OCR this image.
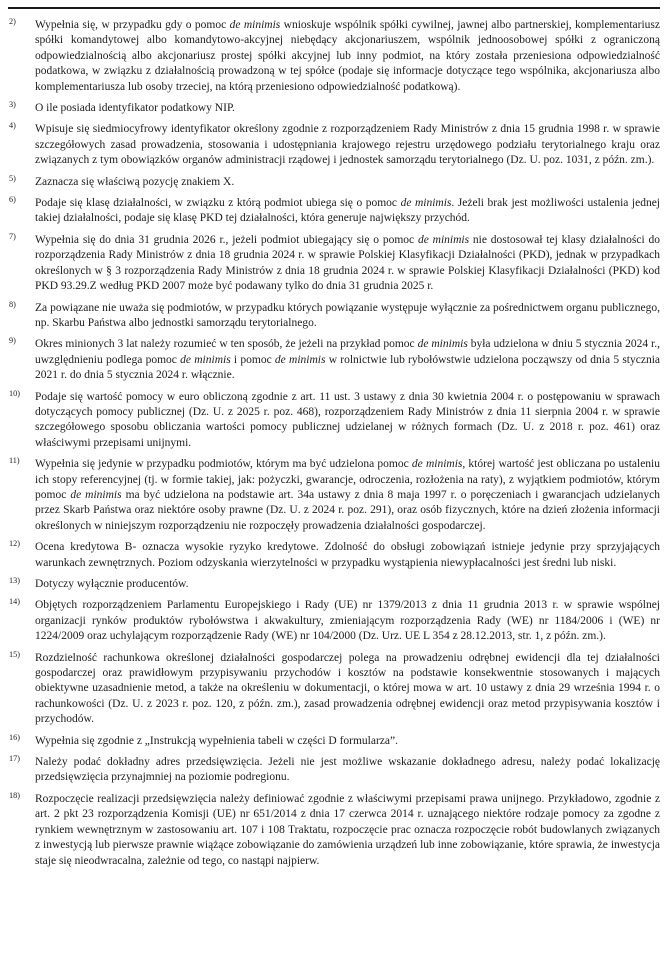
2) Wypełnia się, w przypadku gdy o pomoc de minimis wnioskuje wspólnik spółki cywilnej, jawnej albo partnerskiej, komplementariusz spółki komandytowej albo komandytowo-akcyjnej niebędący akcjonariuszem, wspólnik jednoosobowej spółki z ograniczoną odpowiedzialnością albo akcjonariusz prostej spółki akcyjnej lub inny podmiot, na który została przeniesiona odpowiedzialność podatkowa, w związku z działalnością prowadzoną w tej spółce (podaje się informacje dotyczące tego wspólnika, akcjonariusza albo komplementariusza lub osoby trzeciej, na którą przeniesiono odpowiedzialność podatkową).
3) O ile posiada identyfikator podatkowy NIP.
4) Wpisuje się siedmiocyfrowy identyfikator określony zgodnie z rozporządzeniem Rady Ministrów z dnia 15 grudnia 1998 r. w sprawie szczegółowych zasad prowadzenia, stosowania i udostępniania krajowego rejestru urzędowego podziału terytorialnego kraju oraz związanych z tym obowiązków organów administracji rządowej i jednostek samorządu terytorialnego (Dz. U. poz. 1031, z późn. zm.).
5) Zaznacza się właściwą pozycję znakiem X.
6) Podaje się klasę działalności, w związku z którą podmiot ubiega się o pomoc de minimis. Jeżeli brak jest możliwości ustalenia jednej takiej działalności, podaje się klasę PKD tej działalności, która generuje największy przychód.
7) Wypełnia się do dnia 31 grudnia 2026 r., jeżeli podmiot ubiegający się o pomoc de minimis nie dostosował tej klasy działalności do rozporządzenia Rady Ministrów z dnia 18 grudnia 2024 r. w sprawie Polskiej Klasyfikacji Działalności (PKD), jednak w przypadkach określonych w § 3 rozporządzenia Rady Ministrów z dnia 18 grudnia 2024 r. w sprawie Polskiej Klasyfikacji Działalności (PKD) kod PKD 93.29.Z według PKD 2007 może być podawany tylko do dnia 31 grudnia 2025 r.
8) Za powiązane nie uważa się podmiotów, w przypadku których powiązanie występuje wyłącznie za pośrednictwem organu publicznego, np. Skarbu Państwa albo jednostki samorządu terytorialnego.
9) Okres minionych 3 lat należy rozumieć w ten sposób, że jeżeli na przykład pomoc de minimis była udzielona w dniu 5 stycznia 2024 r., uwzględnieniu podlega pomoc de minimis i pomoc de minimis w rolnictwie lub rybołówstwie udzielona począwszy od dnia 5 stycznia 2021 r. do dnia 5 stycznia 2024 r. włącznie.
10) Podaje się wartość pomocy w euro obliczoną zgodnie z art. 11 ust. 3 ustawy z dnia 30 kwietnia 2004 r. o postępowaniu w sprawach dotyczących pomocy publicznej (Dz. U. z 2025 r. poz. 468), rozporządzeniem Rady Ministrów z dnia 11 sierpnia 2004 r. w sprawie szczegółowego sposobu obliczania wartości pomocy publicznej udzielanej w różnych formach (Dz. U. z 2018 r. poz. 461) oraz właściwymi przepisami unijnymi.
11) Wypełnia się jedynie w przypadku podmiotów, którym ma być udzielona pomoc de minimis, której wartość jest obliczana po ustaleniu ich stopy referencyjnej (tj. w formie takiej, jak: pożyczki, gwarancje, odroczenia, rozłożenia na raty), z wyjątkiem podmiotów, którym pomoc de minimis ma być udzielona na podstawie art. 34a ustawy z dnia 8 maja 1997 r. o poręczeniach i gwarancjach udzielanych przez Skarb Państwa oraz niektóre osoby prawne (Dz. U. z 2024 r. poz. 291), oraz osób fizycznych, które na dzień złożenia informacji określonych w niniejszym rozporządzeniu nie rozpoczęły prowadzenia działalności gospodarczej.
12) Ocena kredytowa B- oznacza wysokie ryzyko kredytowe. Zdolność do obsługi zobowiązań istnieje jedynie przy sprzyjających warunkach zewnętrznych. Poziom odzyskania wierzytelności w przypadku wystąpienia niewypłacalności jest średni lub niski.
13) Dotyczy wyłącznie producentów.
14) Objętych rozporządzeniem Parlamentu Europejskiego i Rady (UE) nr 1379/2013 z dnia 11 grudnia 2013 r. w sprawie wspólnej organizacji rynków produktów rybołówstwa i akwakultury, zmieniającym rozporządzenia Rady (WE) nr 1184/2006 i (WE) nr 1224/2009 oraz uchylającym rozporządzenie Rady (WE) nr 104/2000 (Dz. Urz. UE L 354 z 28.12.2013, str. 1, z późn. zm.).
15) Rozdzielność rachunkowa określonej działalności gospodarczej polega na prowadzeniu odrębnej ewidencji dla tej działalności gospodarczej oraz prawidłowym przypisywaniu przychodów i kosztów na podstawie konsekwentnie stosowanych i mających obiektywne uzasadnienie metod, a także na określeniu w dokumentacji, o której mowa w art. 10 ustawy z dnia 29 września 1994 r. o rachunkowości (Dz. U. z 2023 r. poz. 120, z późn. zm.), zasad prowadzenia odrębnej ewidencji oraz metod przypisywania kosztów i przychodów.
16) Wypełnia się zgodnie z „Instrukcją wypełnienia tabeli w części D formularza”.
17) Należy podać dokładny adres przedsięwzięcia. Jeżeli nie jest możliwe wskazanie dokładnego adresu, należy podać lokalizację przedsięwzięcia przynajmniej na poziomie podregionu.
18) Rozpoczęcie realizacji przedsięwzięcia należy definiować zgodnie z właściwymi przepisami prawa unijnego. Przykładowo, zgodnie z art. 2 pkt 23 rozporządzenia Komisji (UE) nr 651/2014 z dnia 17 czerwca 2014 r. uznającego niektóre rodzaje pomocy za zgodne z rynkiem wewnętrznym w zastosowaniu art. 107 i 108 Traktatu, rozpoczęcie prac oznacza rozpoczęcie robót budowlanych związanych z inwestycją lub pierwsze prawnie wiążące zobowiązanie do zamówienia urządzeń lub inne zobowiązanie, które sprawia, że inwestycja staje się nieodwracalna, zależnie od tego, co nastąpi najpierw.
